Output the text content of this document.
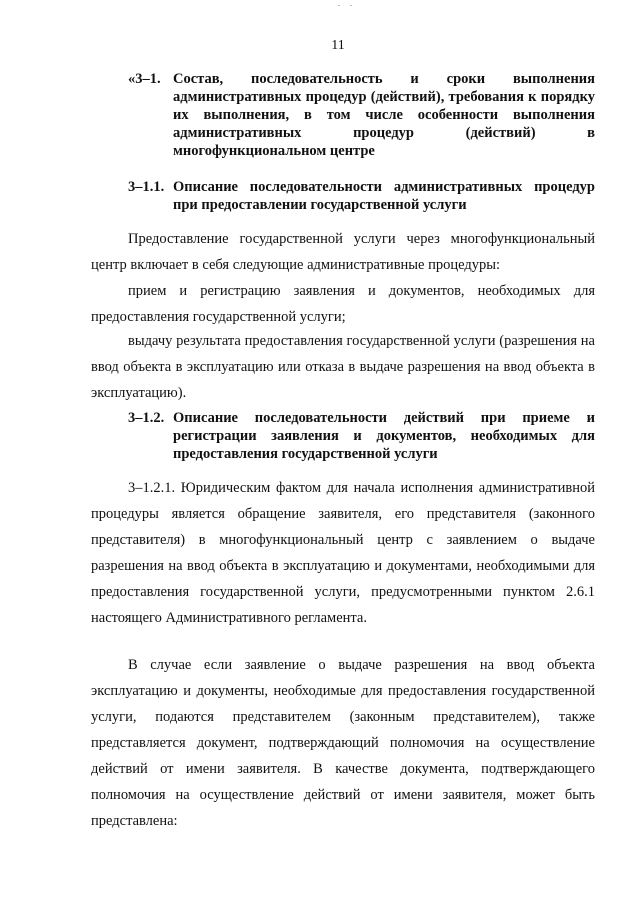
11
«3–1. Состав, последовательность и сроки выполнения административных процедур (действий), требования к порядку их выполнения, в том числе особенности выполнения административных процедур (действий) в многофункциональном центре
3–1.1. Описание последовательности административных процедур при предоставлении государственной услуги
Предоставление государственной услуги через многофункциональный центр включает в себя следующие административные процедуры:
прием и регистрацию заявления и документов, необходимых для предоставления государственной услуги;
выдачу результата предоставления государственной услуги (разрешения на ввод объекта в эксплуатацию или отказа в выдаче разрешения на ввод объекта в эксплуатацию).
3–1.2. Описание последовательности действий при приеме и регистрации заявления и документов, необходимых для предоставления государственной услуги
3–1.2.1. Юридическим фактом для начала исполнения административной процедуры является обращение заявителя, его представителя (законного представителя) в многофункциональный центр с заявлением о выдаче разрешения на ввод объекта в эксплуатацию и документами, необходимыми для предоставления государственной услуги, предусмотренными пунктом 2.6.1 настоящего Административного регламента.
В случае если заявление о выдаче разрешения на ввод объекта эксплуатацию и документы, необходимые для предоставления государственной услуги, подаются представителем (законным представителем), также представляется документ, подтверждающий полномочия на осуществление действий от имени заявителя. В качестве документа, подтверждающего полномочия на осуществление действий от имени заявителя, может быть представлена:
